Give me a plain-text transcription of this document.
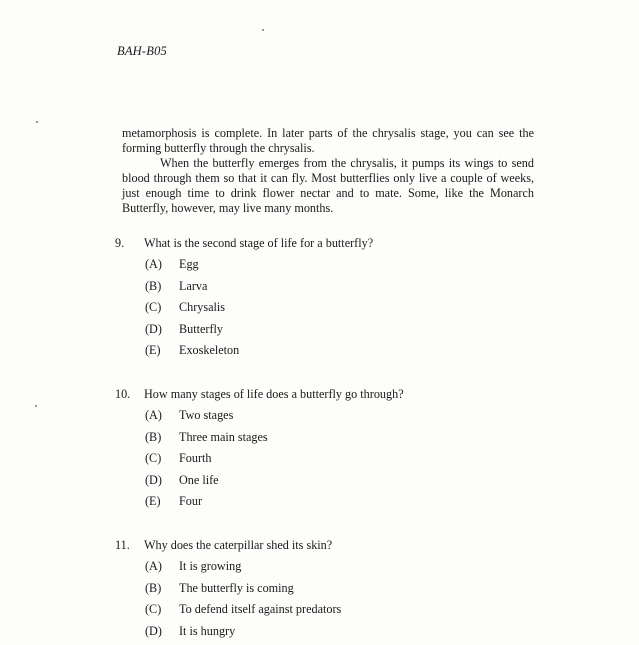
BAH-B05

metamorphosis is complete. In later parts of the chrysalis stage, you can see the forming butterfly through the chrysalis.

When the butterfly emerges from the chrysalis, it pumps its wings to send blood through them so that it can fly. Most butterflies only live a couple of weeks, just enough time to drink flower nectar and to mate. Some, like the Monarch Butterfly, however, may live many months.

9. What is the second stage of life for a butterfly?
(A) Egg
(B) Larva
(C) Chrysalis
(D) Butterfly
(E) Exoskeleton
10. How many stages of life does a butterfly go through?
(A) Two stages
(B) Three main stages
(C) Fourth
(D) One life
(E) Four
11. Why does the caterpillar shed its skin?
(A) It is growing
(B) The butterfly is coming
(C) To defend itself against predators
(D) It is hungry
